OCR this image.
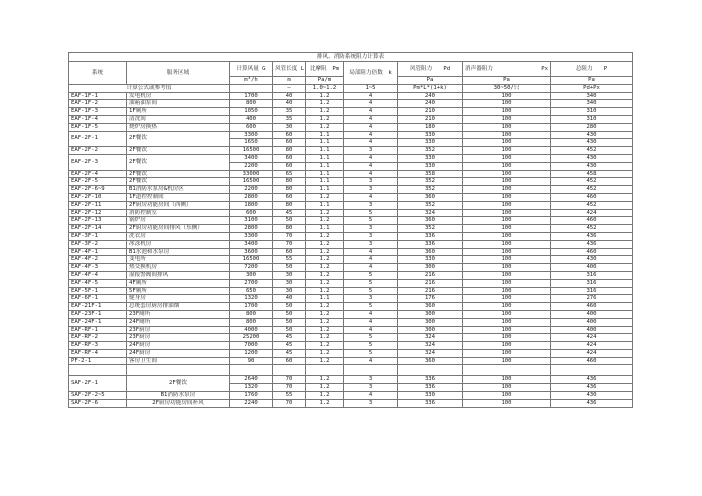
排风、消防系统阻力计算表								
系统	服务区域	计算风量 G	风管长度 L	比摩阻　Pm	局部阻力倍数　k	风管阻力　　Pd	消声器阻力 Px	总阻力　　P
		m³/h	m	Pa/m		Pa	Pa	Pa
计算公式或参考值			—	1.0~1.2	1~5	Pm*L*(1+k)	30~50/只	Pd+Px
EAF-1F-1	发电机房	1700	40	1.2	4	240	100	340
EAF-1F-2	油箱油泵间	800	40	1.2	4	240	100	340
EAF-1F-3	1F厕所	1050	35	1.2	4	210	100	310
EAF-1F-4	清洗间	400	35	1.2	4	210	100	310
EAF-1F-5	烧炉房换热	600	30	1.2	4	180	100	280
EAF-2F-1	2F餐饮	3300	60	1.1	4	330	100	430
		1650	60	1.1	4	330	100	430
EAF-2F-2	2F餐饮	16500	80	1.1	3	352	100	452
EAF-2F-3	2F餐饮	3400	60	1.1	4	330	100	430
		2200	60	1.1	4	330	100	430
EAF-2F-4	2F餐饮	33000	65	1.1	4	358	100	458
EAF-2F-5	2F餐饮	16500	80	1.1	3	352	100	452
EAF-2F-6~9	B1消防水泵房&机房区	2200	80	1.1	3	352	100	452
EAF-2F-10	1F道控控制间	2800	60	1.2	4	360	100	460
EAF-2F-11	2F厨房功能房间（西侧）	1800	80	1.1	3	352	100	452
EAF-2F-12	消防控制室	600	45	1.2	5	324	100	424
EAF-2F-13	锅炉房	3100	50	1.2	5	360	100	460
EAF-2F-14	2F厨房功能房间排风（东侧）	2800	80	1.1	3	352	100	452
EAF-3F-1	洗衣房	3300	70	1.2	3	336	100	436
EAF-3F-2	冰冻机房	3400	70	1.2	3	336	100	436
EAF-4F-1	B1水池和水泵房	3600	60	1.2	4	360	100	460
EAF-4F-2	变电所	16500	55	1.2	4	330	100	430
EAF-4F-3	热交换机房	7200	50	1.2	4	300	100	400
EAF-4F-4	湿报警阀间排风	300	30	1.2	5	216	100	316
EAF-4F-5	4F厕所	2700	30	1.2	5	216	100	316
EAF-5F-1	5F厕所	650	30	1.2	5	216	100	316
EAF-6F-1	健身房	1320	40	1.1	3	176	100	276
EAF-21F-1	总统套房厨房排油烟	1700	50	1.2	5	360	100	460
EAF-23F-1	23F厕所	800	50	1.2	4	300	100	400
EAF-24F-1	24F厕所	800	50	1.2	4	300	100	400
EAF-RF-1	23F厨房	4000	50	1.2	4	300	100	400
EAF-RF-2	23F厨房	25200	45	1.2	5	324	100	424
EAF-RF-3	24F厨房	7000	45	1.2	5	324	100	424
EAF-RF-4	24F厨房	1200	45	1.2	5	324	100	424
PF-2-1	客房卫生间	90	60	1.2	4	360	100	460

SAF-2F-1	2F餐饮	2640	70	1.2	3	336	100	436
		1320	70	1.2	3	336	100	436
SAF-2F-2~5	B1消防水泵房	1760	55	1.2	4	330	100	430
SAF-2F-6	2F厨房功能房间补风	2240	70	1.2	3	336	100	436
